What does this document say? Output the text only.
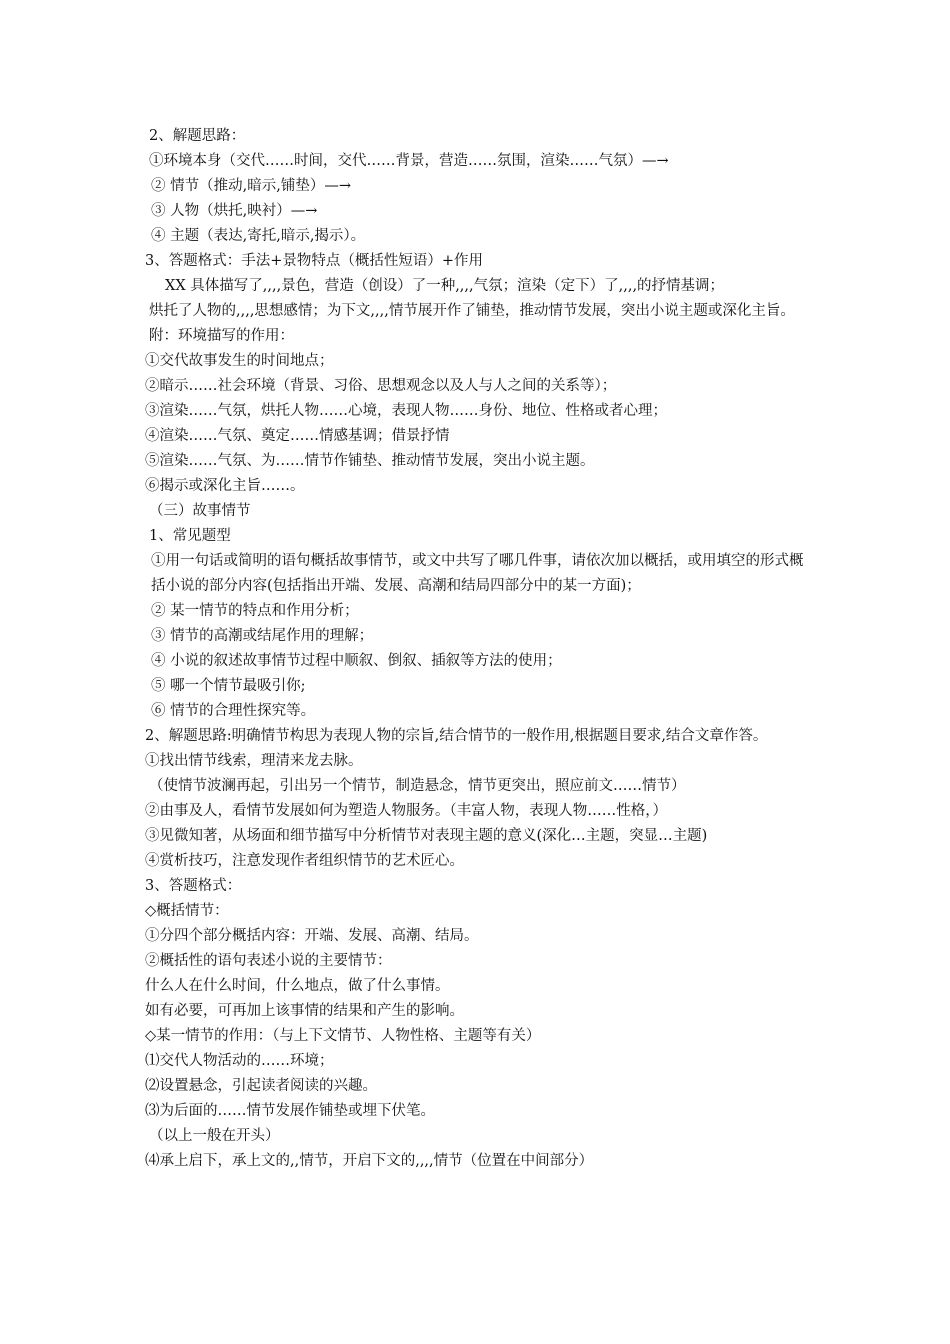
2、解题思路：
①环境本身（交代……时间，交代……背景，营造……氛围，渲染……气氛）—→
② 情节（推动,暗示,铺垫）—→
③ 人物（烘托,映衬）—→
④ 主题（表达,寄托,暗示,揭示）。
3、答题格式：手法+景物特点（概括性短语）+作用
XX 具体描写了,,,,景色，营造（创设）了一种,,,,气氛；渲染（定下）了,,,,的抒情基调；
烘托了人物的,,,,思想感情；为下文,,,,情节展开作了铺垫，推动情节发展，突出小说主题或深化主旨。
附：环境描写的作用：
①交代故事发生的时间地点；
②暗示……社会环境（背景、习俗、思想观念以及人与人之间的关系等）；
③渲染……气氛，烘托人物……心境，表现人物……身份、地位、性格或者心理；
④渲染……气氛、奠定……情感基调；借景抒情
⑤渲染……气氛、为……情节作铺垫、推动情节发展，突出小说主题。
⑥揭示或深化主旨……。
（三）故事情节
1、常见题型
①用一句话或简明的语句概括故事情节，或文中共写了哪几件事，请依次加以概括，或用填空的形式概括小说的部分内容(包括指出开端、发展、高潮和结局四部分中的某一方面)；
② 某一情节的特点和作用分析；
③ 情节的高潮或结尾作用的理解；
④ 小说的叙述故事情节过程中顺叙、倒叙、插叙等方法的使用；
⑤ 哪一个情节最吸引你;
⑥ 情节的合理性探究等。
2、解题思路:明确情节构思为表现人物的宗旨,结合情节的一般作用,根据题目要求,结合文章作答。
①找出情节线索，理清来龙去脉。
（使情节波澜再起，引出另一个情节，制造悬念，情节更突出，照应前文……情节）
②由事及人，看情节发展如何为塑造人物服务。（丰富人物，表现人物……性格，）
③见微知著，从场面和细节描写中分析情节对表现主题的意义(深化…主题，突显…主题)
④赏析技巧，注意发现作者组织情节的艺术匠心。
3、答题格式：
◇概括情节：
①分四个部分概括内容：开端、发展、高潮、结局。
②概括性的语句表述小说的主要情节：
什么人在什么时间，什么地点，做了什么事情。
如有必要，可再加上该事情的结果和产生的影响。
◇某一情节的作用：（与上下文情节、人物性格、主题等有关）
⑴交代人物活动的……环境；
⑵设置悬念，引起读者阅读的兴趣。
⑶为后面的……情节发展作铺垫或埋下伏笔。
（以上一般在开头）
⑷承上启下，承上文的,,情节，开启下文的,,,,情节（位置在中间部分）
